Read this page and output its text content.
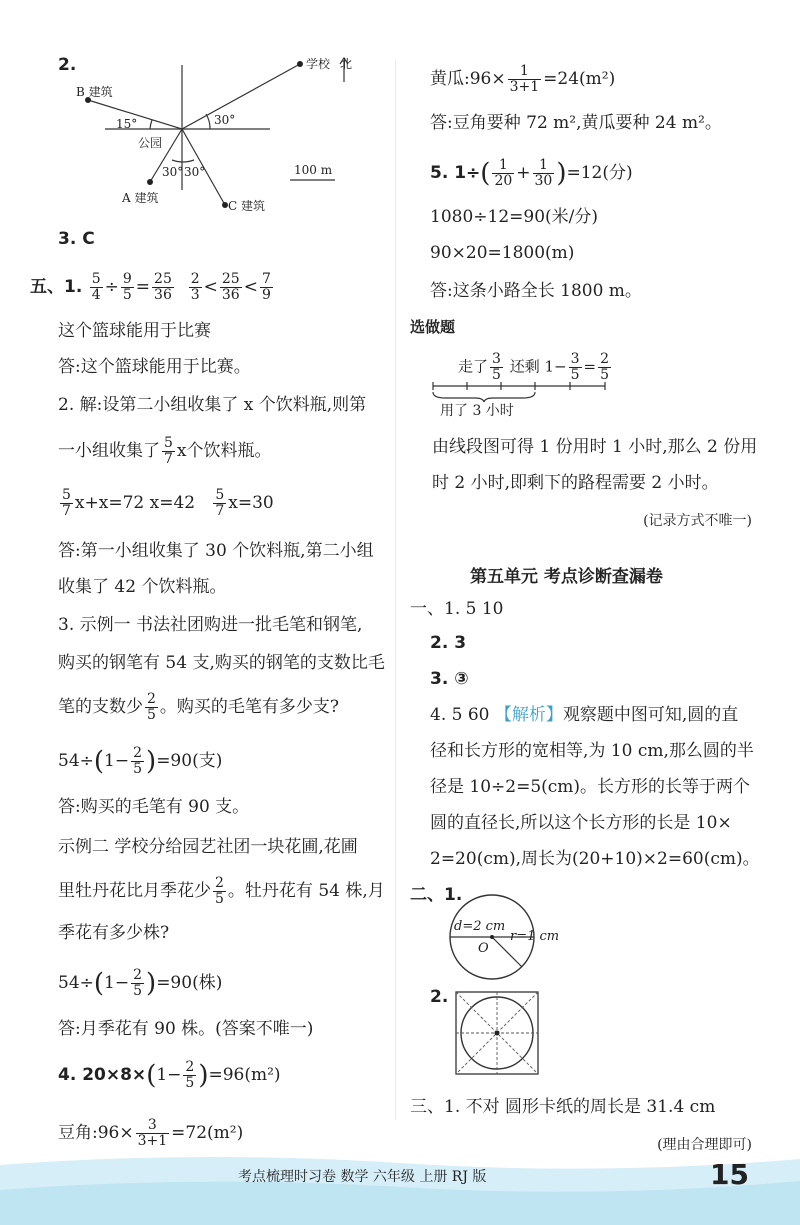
2.	学校 北
B 建筑
公园
A 建筑
C 建筑
15°	30°
30° 30°	100 m
3. C
五、1. $\frac{5}{4} \div \frac{9}{5} = \frac{25}{36}$
$\frac{2}{3} < \frac{25}{36} < \frac{7}{9}$
这个篮球能用于比赛
答:这个篮球能用于比赛。
2. 解:设第二小组收集了 x 个饮料瓶,则第
一小组收集了 $\frac{5}{7}$ x个饮料瓶。
$\frac{5}{7} x+x=72$ $x=42 \frac{5}{7} x=30$
答:第一小组收集了 30 个饮料瓶,第二小组
收集了 42 个饮料瓶。
3. 示例一 书法社团购进一批毛笔和钢笔,
购买的钢笔有 54 支,购买的钢笔的支数比毛
笔的支数少 $\frac{2}{5}$ 。购买的毛笔有多少支?
$54\div(1- \frac{2}{5} )=90$(支)
答:购买的毛笔有 90 支。
示例二 学校分给园艺社团一块花圃,花圃
里牡丹花比月季花少 $\frac{2}{5}$ 。牡丹花有 54 株,月
季花有多少株?
$54\div(1- \frac{2}{5} )=90$(株)
答:月季花有 90 株。(答案不唯一)
4. $20\times 8\times(1- \frac{2}{5} )=96(m^2)$
豆角:96× $\frac{3}{3+1} =72(m^2)$
黄瓜:96× $\frac{1}{3+1} =24(m^2)$
答:豆角要种 72 m²,黄瓜要种 24 m²。
5. $1\div( \frac{1}{20} + \frac{1}{30} )=12$(分)
1080÷12=90(米/分)
90×20=1800(m)
答:这条小路全长 1800 m。
选做题
走了 $\frac{3}{5}$ 还剩 $1- \frac{3}{5} = \frac{2}{5}$
用了 3 小时
由线段图可得 1 份用时 1 小时,那么 2 份用
时 2 小时,即剩下的路程需要 2 小时。
(记录方式不唯一)
第五单元 考点诊断查漏卷
一、1. 5 10
2. 3
3. ③
4. 5 60 【解析】观察题中图可知,圆的直
径和长方形的宽相等,为 10 cm,那么圆的半
径是 10÷2=5(cm)。长方形的长等于两个
圆的直径长,所以这个长方形的长是 10×
2=20(cm),周长为(20+10)×2=60(cm)。
二、1.
d=2 cm
O
r=1 cm
2.
三、1. 不对 圆形卡纸的周长是 31.4 cm
(理由合理即可)
考点梳理时习卷 数学 六年级 上册 RJ 版	15
